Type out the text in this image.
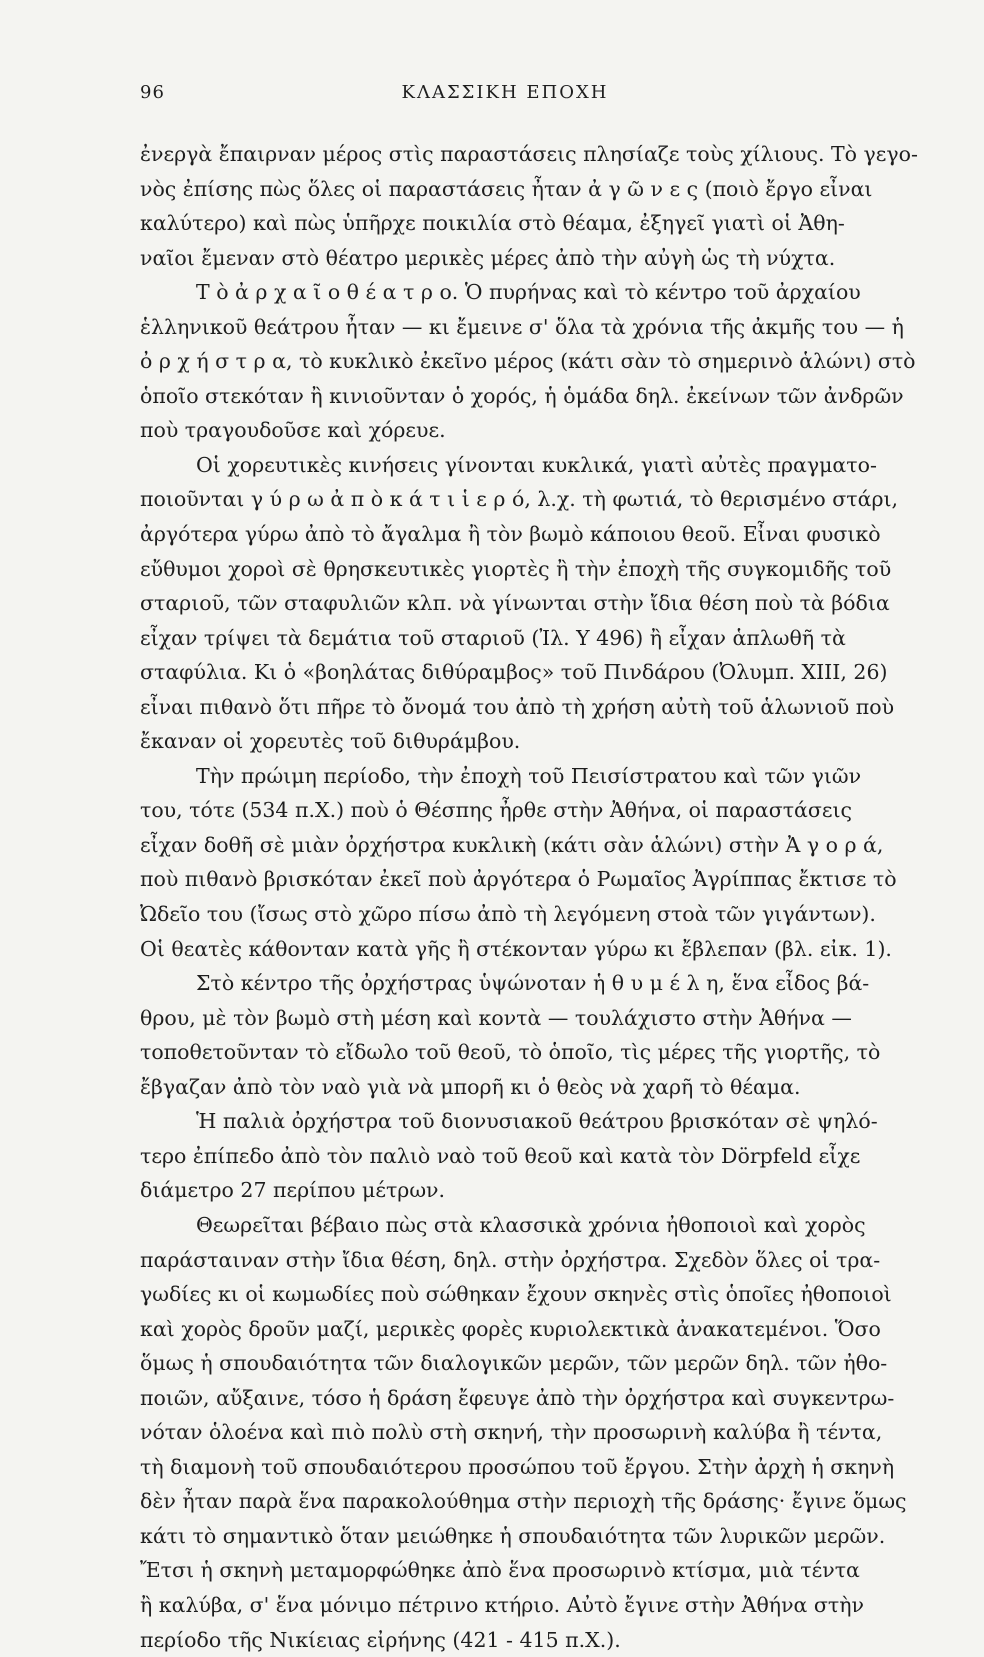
96	ΚΛΑΣΣΙΚΗ ΕΠΟΧΗ
ἐνεργὰ ἔπαιρναν μέρος στὶς παραστάσεις πλησίαζε τοὺς χίλιους. Τὸ γεγο-
νὸς ἐπίσης πὼς ὅλες οἱ παραστάσεις ἦταν ἀ γ ῶ ν ε ς (ποιὸ ἔργο εἶναι
καλύτερο) καὶ πὼς ὑπῆρχε ποικιλία στὸ θέαμα, ἐξηγεῖ γιατὶ οἱ Ἀθη-
ναῖοι ἔμεναν στὸ θέατρο μερικὲς μέρες ἀπὸ τὴν αὐγὴ ὡς τὴ νύχτα.
Τ ὸ ἀ ρ χ α ῖ ο θ έ α τ ρ ο. Ὁ πυρήνας καὶ τὸ κέντρο τοῦ ἀρχαίου
ἑλληνικοῦ θεάτρου ἦταν — κι ἔμεινε σ' ὅλα τὰ χρόνια τῆς ἀκμῆς του — ἡ
ὀ ρ χ ή σ τ ρ α, τὸ κυκλικὸ ἐκεῖνο μέρος (κάτι σὰν τὸ σημερινὸ ἁλώνι) στὸ
ὁποῖο στεκόταν ἢ κινιοῦνταν ὁ χορός, ἡ ὁμάδα δηλ. ἐκείνων τῶν ἀνδρῶν
ποὺ τραγουδοῦσε καὶ χόρευε.
Οἱ χορευτικὲς κινήσεις γίνονται κυκλικά, γιατὶ αὐτὲς πραγματο-
ποιοῦνται γ ύ ρ ω ἀ π ὸ κ ά τ ι ἱ ε ρ ό, λ.χ. τὴ φωτιά, τὸ θερισμένο στάρι,
ἀργότερα γύρω ἀπὸ τὸ ἄγαλμα ἢ τὸν βωμὸ κάποιου θεοῦ. Εἶναι φυσικὸ
εὔθυμοι χοροὶ σὲ θρησκευτικὲς γιορτὲς ἢ τὴν ἐποχὴ τῆς συγκομιδῆς τοῦ
σταριοῦ, τῶν σταφυλιῶν κλπ. νὰ γίνωνται στὴν ἴδια θέση ποὺ τὰ βόδια
εἶχαν τρίψει τὰ δεμάτια τοῦ σταριοῦ (Ἰλ. Υ 496) ἢ εἶχαν ἁπλωθῆ τὰ
σταφύλια. Κι ὁ «βοηλάτας διθύραμβος» τοῦ Πινδάρου (Ὀλυμπ. XIII, 26)
εἶναι πιθανὸ ὅτι πῆρε τὸ ὄνομά του ἀπὸ τὴ χρήση αὐτὴ τοῦ ἁλωνιοῦ ποὺ
ἔκαναν οἱ χορευτὲς τοῦ διθυράμβου.
Τὴν πρώιμη περίοδο, τὴν ἐποχὴ τοῦ Πεισίστρατου καὶ τῶν γιῶν
του, τότε (534 π.Χ.) ποὺ ὁ Θέσπης ἦρθε στὴν Ἀθήνα, οἱ παραστάσεις
εἶχαν δοθῆ σὲ μιὰν ὀρχήστρα κυκλικὴ (κάτι σὰν ἁλώνι) στὴν Ἀ γ ο ρ ά,
ποὺ πιθανὸ βρισκόταν ἐκεῖ ποὺ ἀργότερα ὁ Ρωμαῖος Ἀγρίππας ἔκτισε τὸ
Ὠδεῖο του (ἴσως στὸ χῶρο πίσω ἀπὸ τὴ λεγόμενη στοὰ τῶν γιγάντων).
Οἱ θεατὲς κάθονταν κατὰ γῆς ἢ στέκονταν γύρω κι ἔβλεπαν (βλ. εἰκ. 1).
Στὸ κέντρο τῆς ὀρχήστρας ὑψώνοταν ἡ θ υ μ έ λ η, ἕνα εἶδος βά-
θρου, μὲ τὸν βωμὸ στὴ μέση καὶ κοντὰ — τουλάχιστο στὴν Ἀθήνα —
τοποθετοῦνταν τὸ εἴδωλο τοῦ θεοῦ, τὸ ὁποῖο, τὶς μέρες τῆς γιορτῆς, τὸ
ἔβγαζαν ἀπὸ τὸν ναὸ γιὰ νὰ μπορῆ κι ὁ θεὸς νὰ χαρῆ τὸ θέαμα.
Ἡ παλιὰ ὀρχήστρα τοῦ διονυσιακοῦ θεάτρου βρισκόταν σὲ ψηλό-
τερο ἐπίπεδο ἀπὸ τὸν παλιὸ ναὸ τοῦ θεοῦ καὶ κατὰ τὸν Dörpfeld εἶχε
διάμετρο 27 περίπου μέτρων.
Θεωρεῖται βέβαιο πὼς στὰ κλασσικὰ χρόνια ἠθοποιοὶ καὶ χορὸς
παράσταιναν στὴν ἴδια θέση, δηλ. στὴν ὀρχήστρα. Σχεδὸν ὅλες οἱ τρα-
γωδίες κι οἱ κωμωδίες ποὺ σώθηκαν ἔχουν σκηνὲς στὶς ὁποῖες ἠθοποιοὶ
καὶ χορὸς δροῦν μαζί, μερικὲς φορὲς κυριολεκτικὰ ἀνακατεμένοι. Ὅσο
ὅμως ἡ σπουδαιότητα τῶν διαλογικῶν μερῶν, τῶν μερῶν δηλ. τῶν ἠθο-
ποιῶν, αὔξαινε, τόσο ἡ δράση ἔφευγε ἀπὸ τὴν ὀρχήστρα καὶ συγκεντρω-
νόταν ὁλοένα καὶ πιὸ πολὺ στὴ σκηνή, τὴν προσωρινὴ καλύβα ἢ τέντα,
τὴ διαμονὴ τοῦ σπουδαιότερου προσώπου τοῦ ἔργου. Στὴν ἀρχὴ ἡ σκηνὴ
δὲν ἦταν παρὰ ἕνα παρακολούθημα στὴν περιοχὴ τῆς δράσης· ἔγινε ὅμως
κάτι τὸ σημαντικὸ ὅταν μειώθηκε ἡ σπουδαιότητα τῶν λυρικῶν μερῶν.
Ἔτσι ἡ σκηνὴ μεταμορφώθηκε ἀπὸ ἕνα προσωρινὸ κτίσμα, μιὰ τέντα
ἢ καλύβα, σ' ἕνα μόνιμο πέτρινο κτήριο. Αὐτὸ ἔγινε στὴν Ἀθήνα στὴν
περίοδο τῆς Νικίειας εἰρήνης (421 - 415 π.Χ.).
